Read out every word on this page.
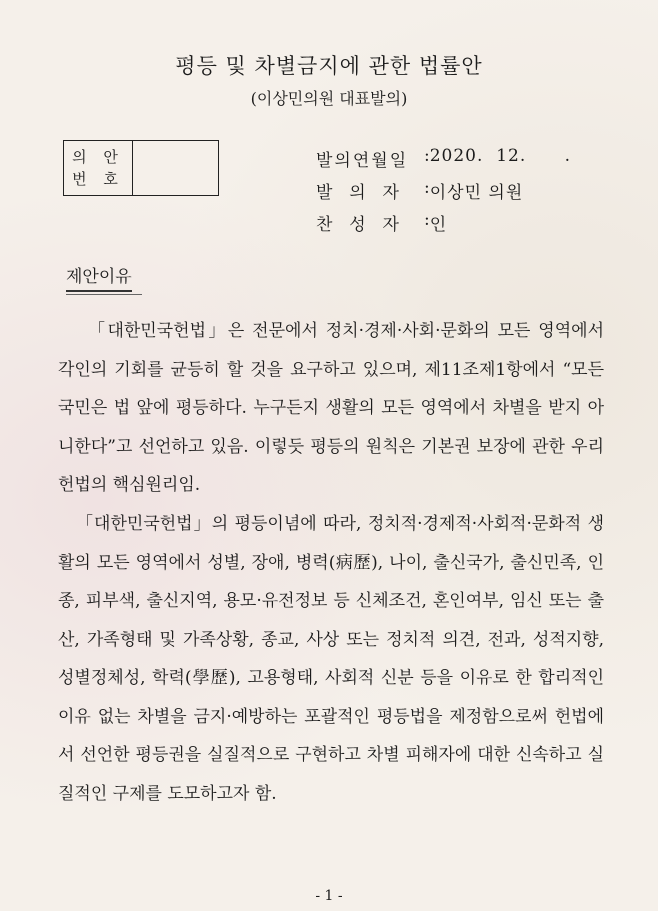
평등 및 차별금지에 관한 법률안
(이상민의원 대표발의)
의 안
번 호
발의연월일 : 2020.  12.      .
발  의  자	: 이상민 의원
찬  성  자	: 인
제안이유
「대한민국헌법」은 전문에서 정치·경제·사회·문화의 모든 영역에서 각인의 기회를 균등히 할 것을 요구하고 있으며, 제11조제1항에서 “모든 국민은 법 앞에 평등하다. 누구든지 생활의 모든 영역에서 차별을 받지 아니한다”고 선언하고 있음. 이렇듯 평등의 원칙은 기본권 보장에 관한 우리 헌법의 핵심원리임.
「대한민국헌법」의 평등이념에 따라, 정치적·경제적·사회적·문화적 생활의 모든 영역에서 성별, 장애, 병력(病歷), 나이, 출신국가, 출신민족, 인종, 피부색, 출신지역, 용모·유전정보 등 신체조건, 혼인여부, 임신 또는 출산, 가족형태 및 가족상황, 종교, 사상 또는 정치적 의견, 전과, 성적지향, 성별정체성, 학력(學歷), 고용형태, 사회적 신분 등을 이유로 한 합리적인 이유 없는 차별을 금지·예방하는 포괄적인 평등법을 제정함으로써 헌법에서 선언한 평등권을 실질적으로 구현하고 차별 피해자에 대한 신속하고 실질적인 구제를 도모하고자 함.
- 1 -
